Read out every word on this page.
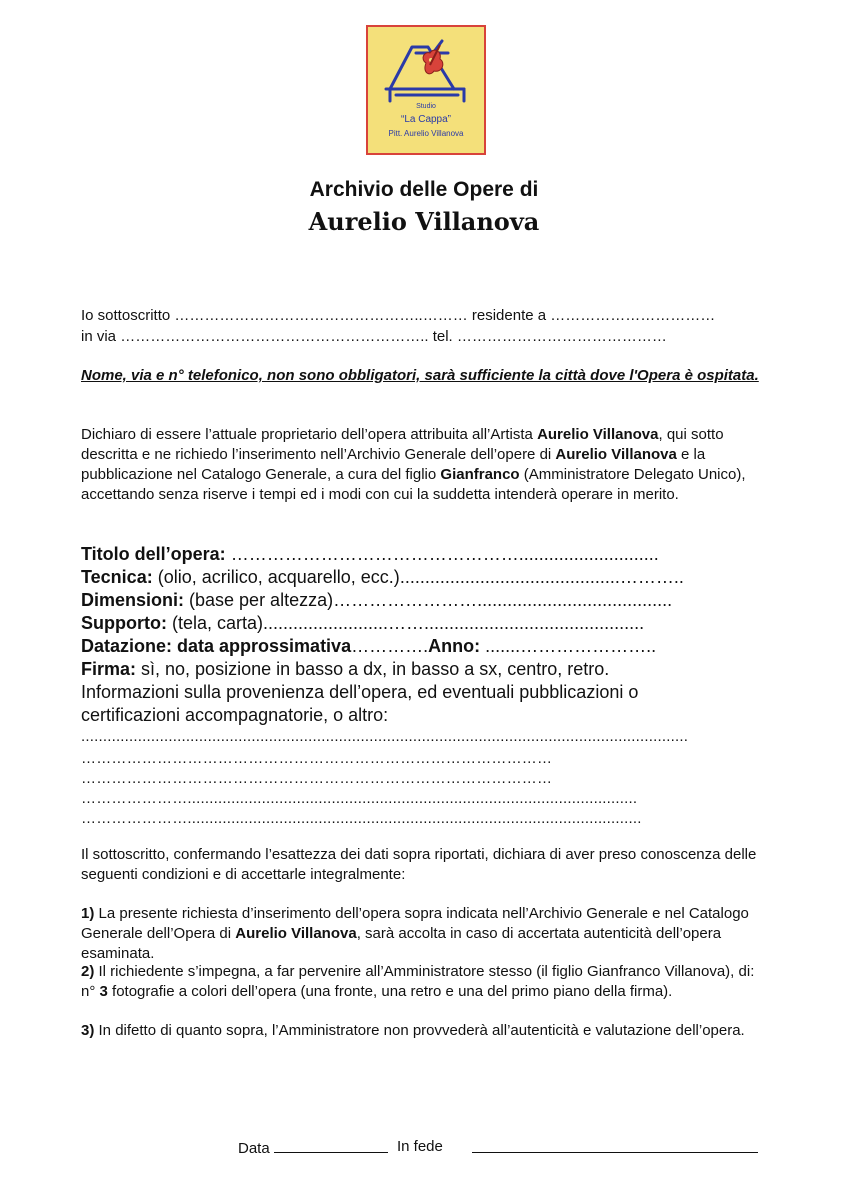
Studio
“La Cappa”
Pitt. Aurelio Villanova
Archivio delle Opere di
Aurelio Villanova
Io sottoscritto …………………………………………..……… residente a ……………………………
in via …………………………………………………….. tel. ……………………………………
Nome, via e n° telefonico, non sono obbligatori, sarà sufficiente la città dove l'Opera è ospitata.
Dichiaro di essere l’attuale proprietario dell’opera attribuita all’Artista Aurelio Villanova, qui sotto descritta e ne richiedo l’inserimento nell’Archivio Generale dell’opere di Aurelio Villanova e la pubblicazione nel Catalogo Generale, a cura del figlio Gianfranco (Amministratore Delegato Unico), accettando senza riserve i tempi ed i modi con cui la suddetta intenderà operare in merito.
Titolo dell’opera: …………………………………………............................
Tecnica: (olio, acrilico, acquarello, ecc.)............................................………..
Dimensioni: (base per altezza)…………………….......................................
Supporto: (tela, carta).........................……............................................
Datazione: data approssimativa………….Anno: .......…………………..
Firma: sì, no, posizione in basso a dx, in basso a sx, centro, retro.
Informazioni sulla provenienza dell’opera, ed eventuali pubblicazioni o
certificazioni accompagnatorie, o altro:
...........................................................................................................................................
…………………………………………………………………………………
…………………………………………………………………………………
………………….......................................................................................................
…………………........................................................................................................
Il sottoscritto, confermando l’esattezza dei dati sopra riportati, dichiara di aver preso conoscenza delle seguenti condizioni e di accettarle integralmente:
1) La presente richiesta d’inserimento dell’opera sopra indicata nell’Archivio Generale e nel Catalogo Generale dell’Opera di Aurelio Villanova, sarà accolta in caso di accertata autenticità dell’opera esaminata.
2) Il richiedente s’impegna, a far pervenire all’Amministratore stesso (il figlio Gianfranco Villanova), di: n° 3 fotografie a colori dell’opera (una fronte, una retro e una del primo piano della firma).
3) In difetto di quanto sopra, l’Amministratore non provvederà all’autenticità e valutazione dell’opera.
Data	In fede
